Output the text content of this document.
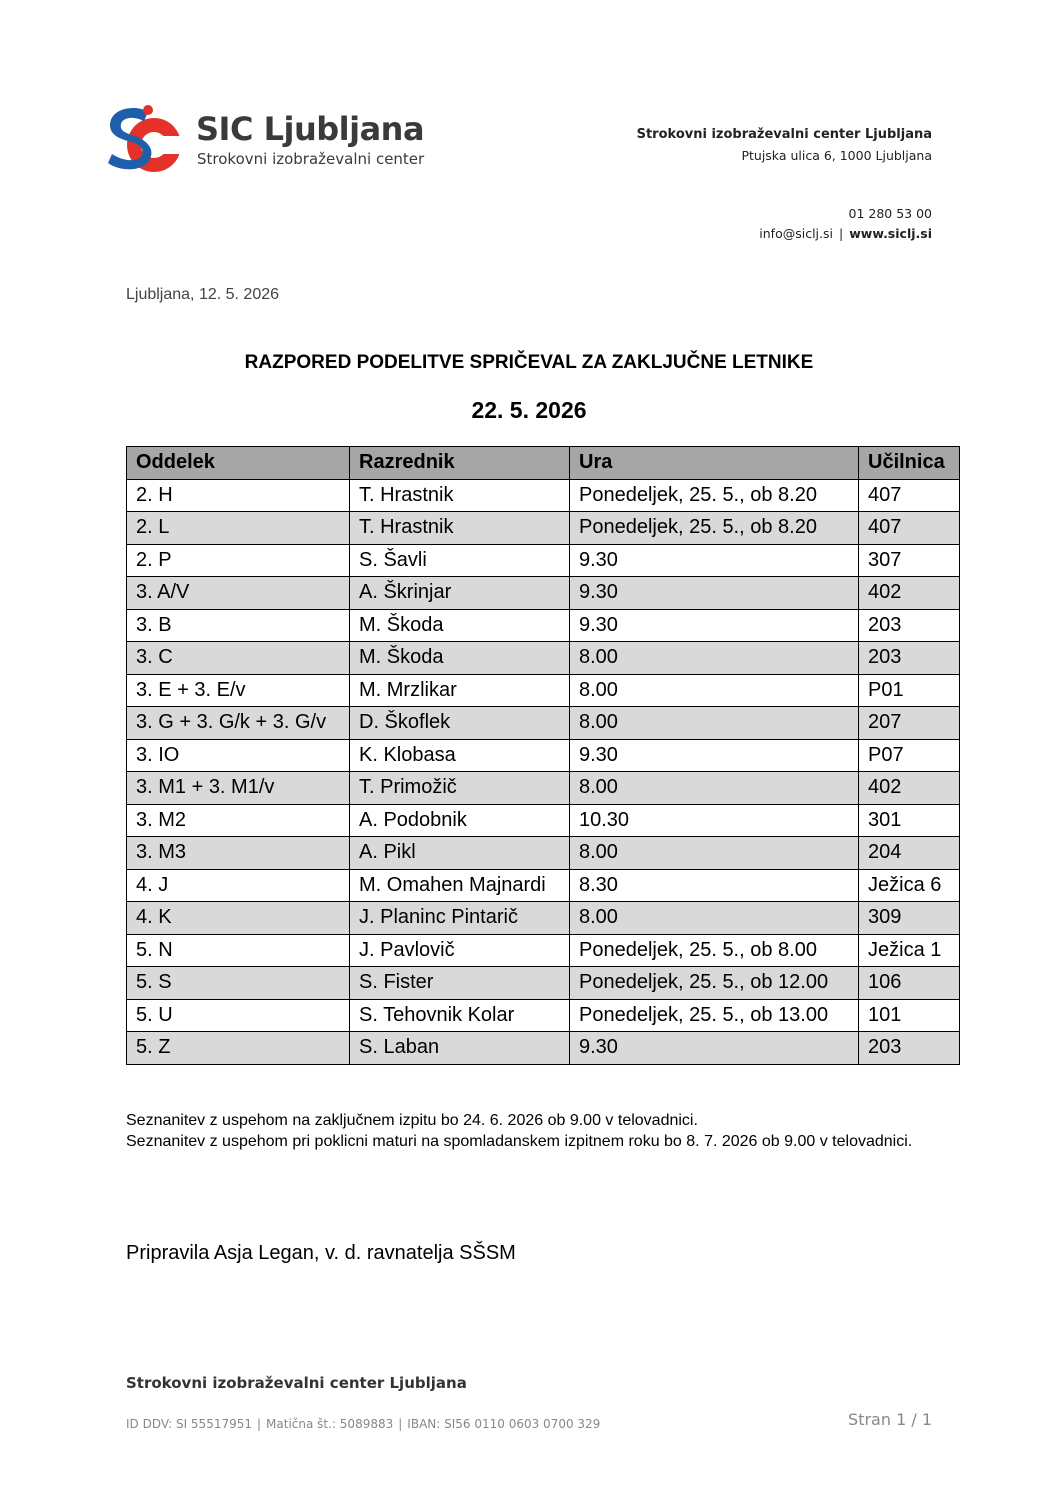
SIC Ljubljana
Strokovni izobraževalni center
Strokovni izobraževalni center Ljubljana
Ptujska ulica 6, 1000 Ljubljana
01 280 53 00
info@siclj.si | www.siclj.si
Ljubljana, 12. 5. 2026
RAZPORED PODELITVE SPRIČEVAL ZA ZAKLJUČNE LETNIKE
22. 5. 2026
Oddelek	Razrednik	Ura	Učilnica
2. H	T. Hrastnik	Ponedeljek, 25. 5., ob 8.20	407
2. L	T. Hrastnik	Ponedeljek, 25. 5., ob 8.20	407
2. P	S. Šavli	9.30	307
3. A/V	A. Škrinjar	9.30	402
3. B	M. Škoda	9.30	203
3. C	M. Škoda	8.00	203
3. E + 3. E/v	M. Mrzlikar	8.00	P01
3. G + 3. G/k + 3. G/v	D. Škoflek	8.00	207
3. IO	K. Klobasa	9.30	P07
3. M1 + 3. M1/v	T. Primožič	8.00	402
3. M2	A. Podobnik	10.30	301
3. M3	A. Pikl	8.00	204
4. J	M. Omahen Majnardi	8.30	Ježica 6
4. K	J. Planinc Pintarič	8.00	309
5. N	J. Pavlovič	Ponedeljek, 25. 5., ob 8.00	Ježica 1
5. S	S. Fister	Ponedeljek, 25. 5., ob 12.00	106
5. U	S. Tehovnik Kolar	Ponedeljek, 25. 5., ob 13.00	101
5. Z	S. Laban	9.30	203
Seznanitev z uspehom na zaključnem izpitu bo 24. 6. 2026 ob 9.00 v telovadnici.
Seznanitev z uspehom pri poklicni maturi na spomladanskem izpitnem roku bo 8. 7. 2026 ob 9.00 v telovadnici.
Pripravila Asja Legan, v. d. ravnatelja SŠSM
Strokovni izobraževalni center Ljubljana
ID DDV: SI 55517951 | Matična št.: 5089883 | IBAN: SI56 0110 0603 0700 329	Stran 1 / 1
